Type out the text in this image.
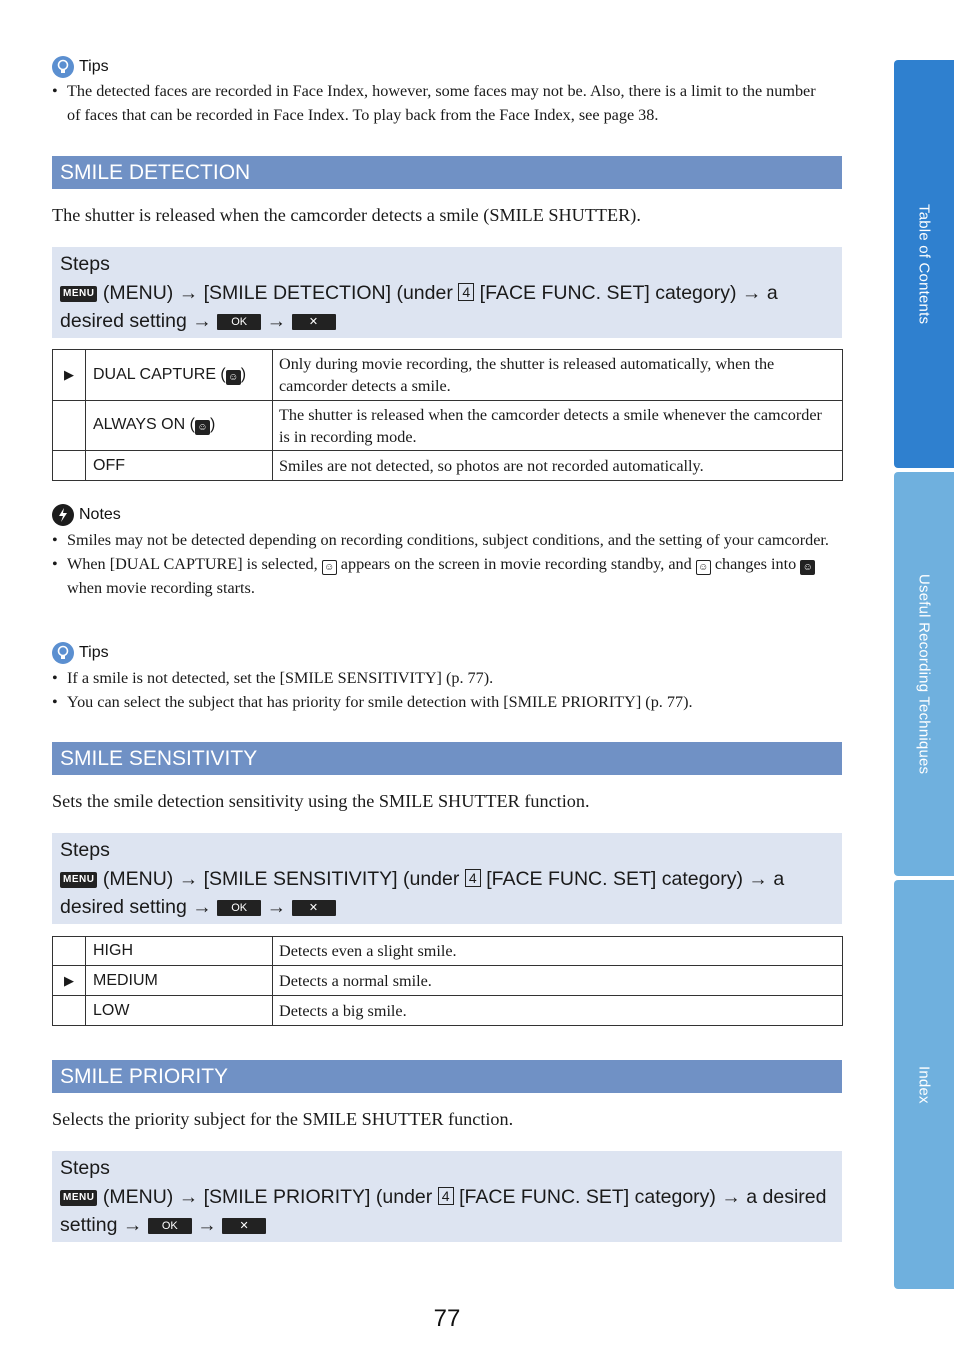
Tips
• The detected faces are recorded in Face Index, however, some faces may not be. Also, there is a limit to the number of faces that can be recorded in Face Index. To play back from the Face Index, see page 38.
SMILE DETECTION
The shutter is released when the camcorder detects a smile (SMILE SHUTTER).
Steps
MENU (MENU) → [SMILE DETECTION] (under 4 [FACE FUNC. SET] category) → a desired setting → OK → ✕
▶	DUAL CAPTURE ( ☺ )	Only during movie recording, the shutter is released automatically, when the camcorder detects a smile.
	ALWAYS ON ( ☺ )	The shutter is released when the camcorder detects a smile whenever the camcorder is in recording mode.
	OFF	Smiles are not detected, so photos are not recorded automatically.
Notes
• Smiles may not be detected depending on recording conditions, subject conditions, and the setting of your camcorder.
• When [DUAL CAPTURE] is selected, ☺ appears on the screen in movie recording standby, and ☺ changes into ☺ when movie recording starts.
Tips
• If a smile is not detected, set the [SMILE SENSITIVITY] (p. 77).
• You can select the subject that has priority for smile detection with [SMILE PRIORITY] (p. 77).
SMILE SENSITIVITY
Sets the smile detection sensitivity using the SMILE SHUTTER function.
Steps
MENU (MENU) → [SMILE SENSITIVITY] (under 4 [FACE FUNC. SET] category) → a desired setting → OK → ✕
	HIGH	Detects even a slight smile.
▶	MEDIUM	Detects a normal smile.
	LOW	Detects a big smile.
SMILE PRIORITY
Selects the priority subject for the SMILE SHUTTER function.
Steps
MENU (MENU) → [SMILE PRIORITY] (under 4 [FACE FUNC. SET] category) → a desired setting → OK → ✕
Table of Contents
Useful Recording Techniques
Index
77
